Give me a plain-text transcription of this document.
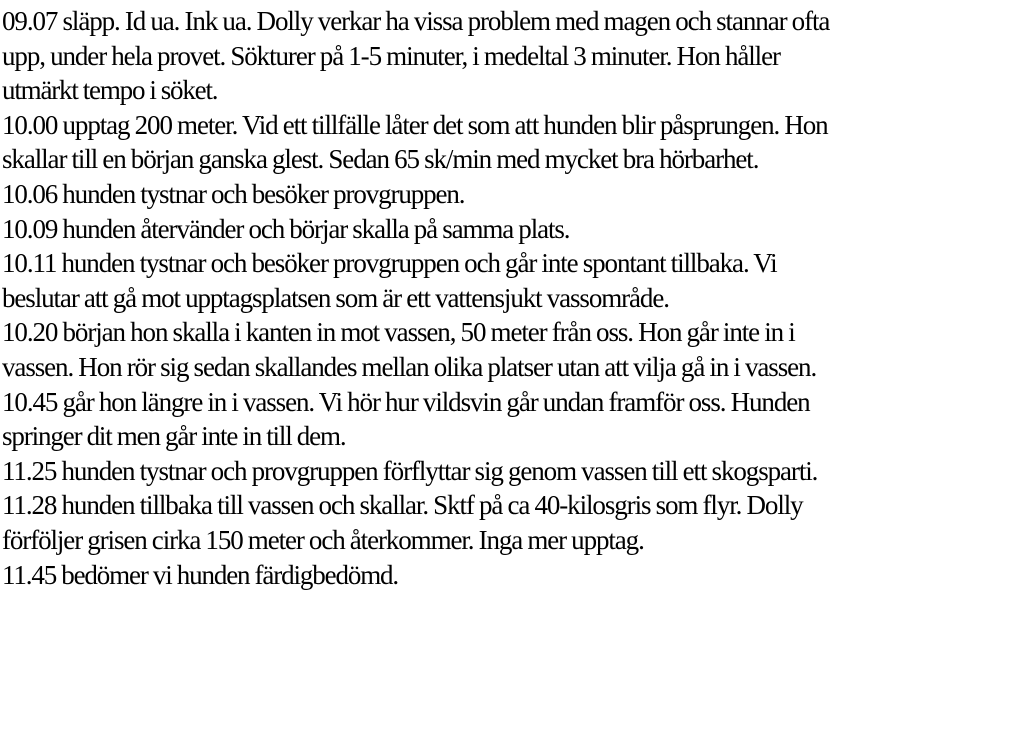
09.07 släpp. Id ua. Ink ua. Dolly verkar ha vissa problem med magen och stannar ofta
upp, under hela provet. Sökturer på 1-5 minuter, i medeltal 3 minuter. Hon håller
utmärkt tempo i söket.
10.00 upptag 200 meter. Vid ett tillfälle låter det som att hunden blir påsprungen. Hon
skallar till en början ganska glest. Sedan 65 sk/min med mycket bra hörbarhet.
10.06 hunden tystnar och besöker provgruppen.
10.09 hunden återvänder och börjar skalla på samma plats.
10.11 hunden tystnar och besöker provgruppen och går inte spontant tillbaka. Vi
beslutar att gå mot upptagsplatsen som är ett vattensjukt vassområde.
10.20 början hon skalla i kanten in mot vassen, 50 meter från oss. Hon går inte in i
vassen. Hon rör sig sedan skallandes mellan olika platser utan att vilja gå in i vassen.
10.45 går hon längre in i vassen. Vi hör hur vildsvin går undan framför oss. Hunden
springer dit men går inte in till dem.
11.25 hunden tystnar och provgruppen förflyttar sig genom vassen till ett skogsparti.
11.28 hunden tillbaka till vassen och skallar. Sktf på ca 40-kilosgris som flyr. Dolly
förföljer grisen cirka 150 meter och återkommer. Inga mer upptag.
11.45 bedömer vi hunden färdigbedömd.
